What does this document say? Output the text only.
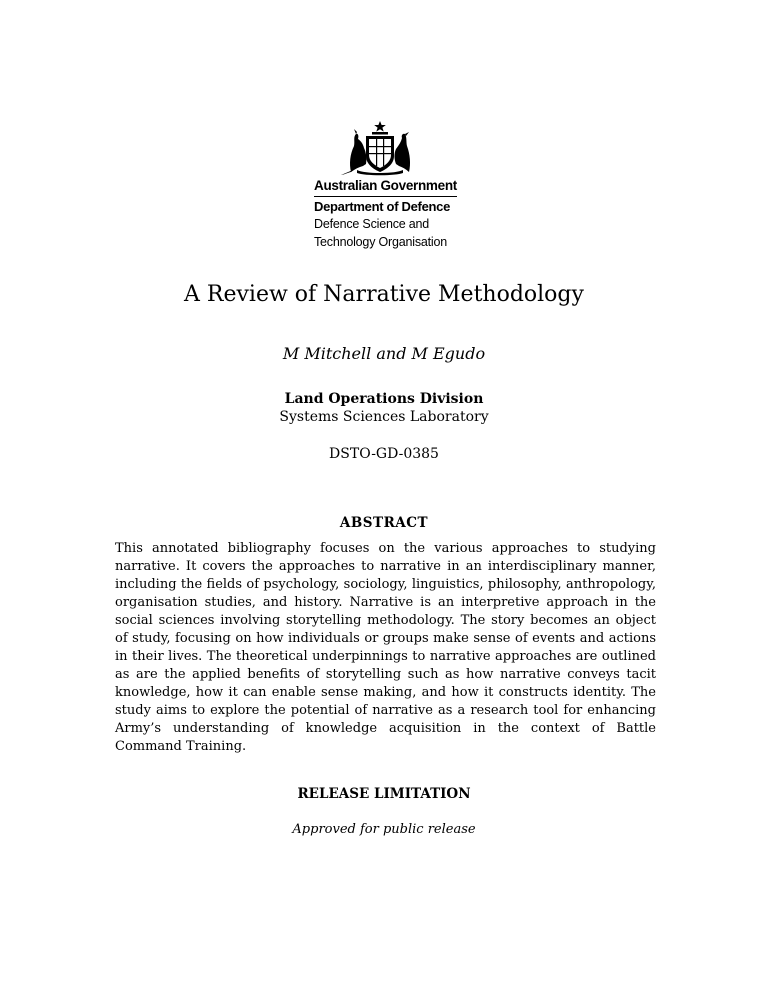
Australian Government
Department of Defence
Defence Science and
Technology Organisation
A Review of Narrative Methodology
M Mitchell and M Egudo
Land Operations Division
Systems Sciences Laboratory
DSTO-GD-0385
ABSTRACT
This annotated bibliography focuses on the various approaches to studying narrative. It covers the approaches to narrative in an interdisciplinary manner, including the fields of psychology, sociology, linguistics, philosophy, anthropology, organisation studies, and history. Narrative is an interpretive approach in the social sciences involving storytelling methodology. The story becomes an object of study, focusing on how individuals or groups make sense of events and actions in their lives. The theoretical underpinnings to narrative approaches are outlined as are the applied benefits of storytelling such as how narrative conveys tacit knowledge, how it can enable sense making, and how it constructs identity. The study aims to explore the potential of narrative as a research tool for enhancing Army’s understanding of knowledge acquisition in the context of Battle Command Training.
RELEASE LIMITATION
Approved for public release
